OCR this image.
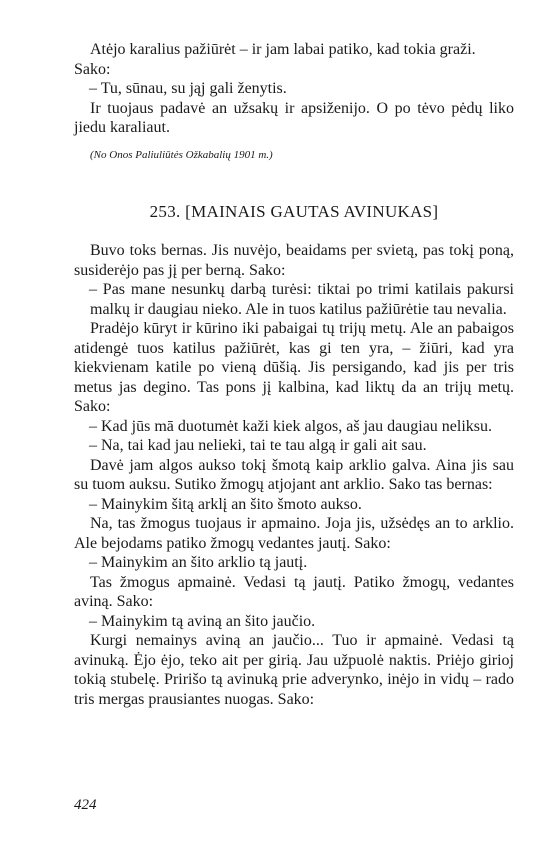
Atėjo karalius pažiūrėt – ir jam labai patiko, kad tokia graži.

Sako:

– Tu, sūnau, su jąj gali ženytis.

Ir tuojaus padavė an užsakų ir apsiženijo. O po tėvo pėdų liko jiedu karaliaut.

(No Onos Paliuliūtės Ožkabalių 1901 m.)

253. [MAINAIS GAUTAS AVINUKAS]

Buvo toks bernas. Jis nuvėjo, beaidams per svietą, pas tokį poną, susiderėjo pas jį per berną. Sako:

– Pas mane nesunkų darbą turėsi: tiktai po trimi katilais pakursi malkų ir daugiau nieko. Ale in tuos katilus pažiūrėtie tau nevalia.

Pradėjo kūryt ir kūrino iki pabaigai tų trijų metų. Ale an pabaigos atidengė tuos katilus pažiūrėt, kas gi ten yra, – žiūri, kad yra kiekvienam katile po vieną dūšią. Jis persigando, kad jis per tris metus jas degino. Tas pons jį kalbina, kad liktų da an trijų metų. Sako:

– Kad jūs mā duotumėt kaži kiek algos, aš jau daugiau neliksu.

– Na, tai kad jau nelieki, tai te tau algą ir gali ait sau.

Davė jam algos aukso tokį šmotą kaip arklio galva. Aina jis sau su tuom auksu. Sutiko žmogų atjojant ant arklio. Sako tas bernas:

– Mainykim šitą arklį an šito šmoto aukso.

Na, tas žmogus tuojaus ir apmaino. Joja jis, užsėdęs an to arklio. Ale bejodams patiko žmogų vedantes jautį. Sako:

– Mainykim an šito arklio tą jautį.

Tas žmogus apmainė. Vedasi tą jautį. Patiko žmogų, vedantes aviną. Sako:

– Mainykim tą aviną an šito jaučio.

Kurgi nemainys aviną an jaučio... Tuo ir apmainė. Vedasi tą avinuką. Ėjo ėjo, teko ait per girią. Jau užpuolė naktis. Priėjo girioj tokią stubelę. Pririšo tą avinuką prie adverynko, inėjo in vidų – rado tris mergas prausiantes nuogas. Sako:

424
